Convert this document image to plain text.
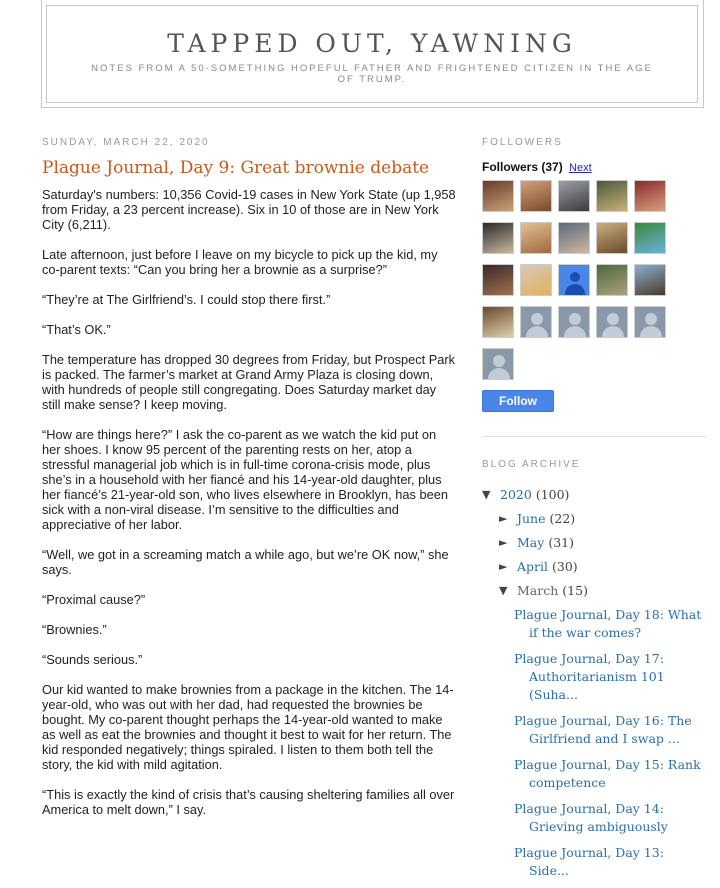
TAPPED OUT, YAWNING
NOTES FROM A 50-SOMETHING HOPEFUL FATHER AND FRIGHTENED CITIZEN IN THE AGE OF TRUMP.
SUNDAY, MARCH 22, 2020
Plague Journal, Day 9: Great brownie debate

Saturday's numbers: 10,356 Covid-19 cases in New York State (up 1,958 from Friday, a 23 percent increase). Six in 10 of those are in New York City (6,211).

Late afternoon, just before I leave on my bicycle to pick up the kid, my co-parent texts: “Can you bring her a brownie as a surprise?”

“They’re at The Girlfriend’s. I could stop there first.”

“That’s OK.”

The temperature has dropped 30 degrees from Friday, but Prospect Park is packed. The farmer’s market at Grand Army Plaza is closing down, with hundreds of people still congregating. Does Saturday market day still make sense? I keep moving.

“How are things here?” I ask the co-parent as we watch the kid put on her shoes. I know 95 percent of the parenting rests on her, atop a stressful managerial job which is in full-time corona-crisis mode, plus she’s in a household with her fiancé and his 14-year-old daughter, plus her fiancé’s 21-year-old son, who lives elsewhere in Brooklyn, has been sick with a non-viral disease. I’m sensitive to the difficulties and appreciative of her labor.

“Well, we got in a screaming match a while ago, but we’re OK now,” she says.

“Proximal cause?”

“Brownies.”

“Sounds serious.”

Our kid wanted to make brownies from a package in the kitchen. The 14-year-old, who was out with her dad, had requested the brownies be bought. My co-parent thought perhaps the 14-year-old wanted to make as well as eat the brownies and thought it best to wait for her return. The kid responded negatively; things spiraled. I listen to them both tell the story, the kid with mild agitation.

“This is exactly the kind of crisis that’s causing sheltering families all over America to melt down,” I say.

FOLLOWERS
Followers (37) Next
Follow
BLOG ARCHIVE
▼ 2020 (100)
► June (22)
► May (31)
► April (30)
▼ March (15)
Plague Journal, Day 18: What if the war comes?
Plague Journal, Day 17: Authoritarianism 101 (Suha...
Plague Journal, Day 16: The Girlfriend and I swap ...
Plague Journal, Day 15: Rank competence
Plague Journal, Day 14: Grieving ambiguously
Plague Journal, Day 13: Side...
